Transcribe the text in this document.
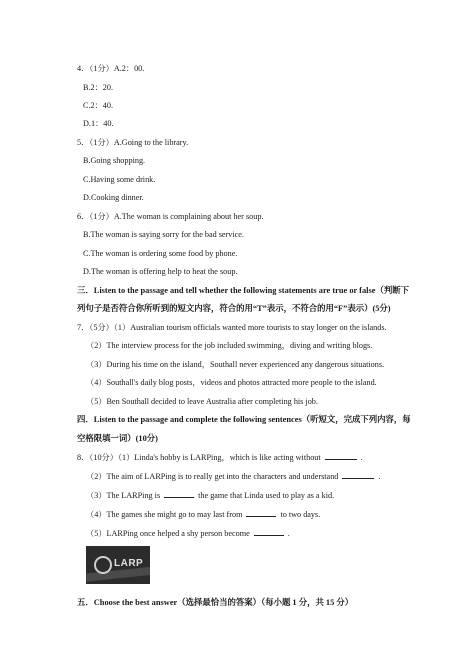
4．（1分）A.2：00.
B.2：20.
C.2：40.
D.1：40.
5．（1分）A.Going to the library.
B.Going shopping.
C.Having some drink.
D.Cooking dinner.
6．（1分）A.The woman is complaining about her soup.
B.The woman is saying sorry for the bad service.
C.The woman is ordering some food by phone.
D.The woman is offering help to heat the soup.
三．Listen to the passage and tell whether the following statements are true or false（判断下
列句子是否符合你所听到的短文内容，符合的用“T”表示，不符合的用“F”表示）(5分)
7．（5分）（1）Australian tourism officials wanted more tourists to stay longer on the islands.
（2）The interview process for the job included swimming，diving and writing blogs.
（3）During his time on the island，Southall never experienced any dangerous situations.
（4）Southall's daily blog posts，videos and photos attracted more people to the island.
（5）Ben Southall decided to leave Australia after completing his job.
四．Listen to the passage and complete the following sentences（听短文，完成下列内容，每
空格限填一词）(10分)
8．（10分）（1）Linda's hobby is LARPing，which is like acting without	.
（2）The aim of LARPing is to really get into the characters and understand	.
（3）The LARPing is	the game that Linda used to play as a kid.
（4）The games she might go to may last from	to two days.
（5）LARPing once helped a shy person become	.
LARP
五．Choose the best answer（选择最恰当的答案）（每小题 1 分，共 15 分）
